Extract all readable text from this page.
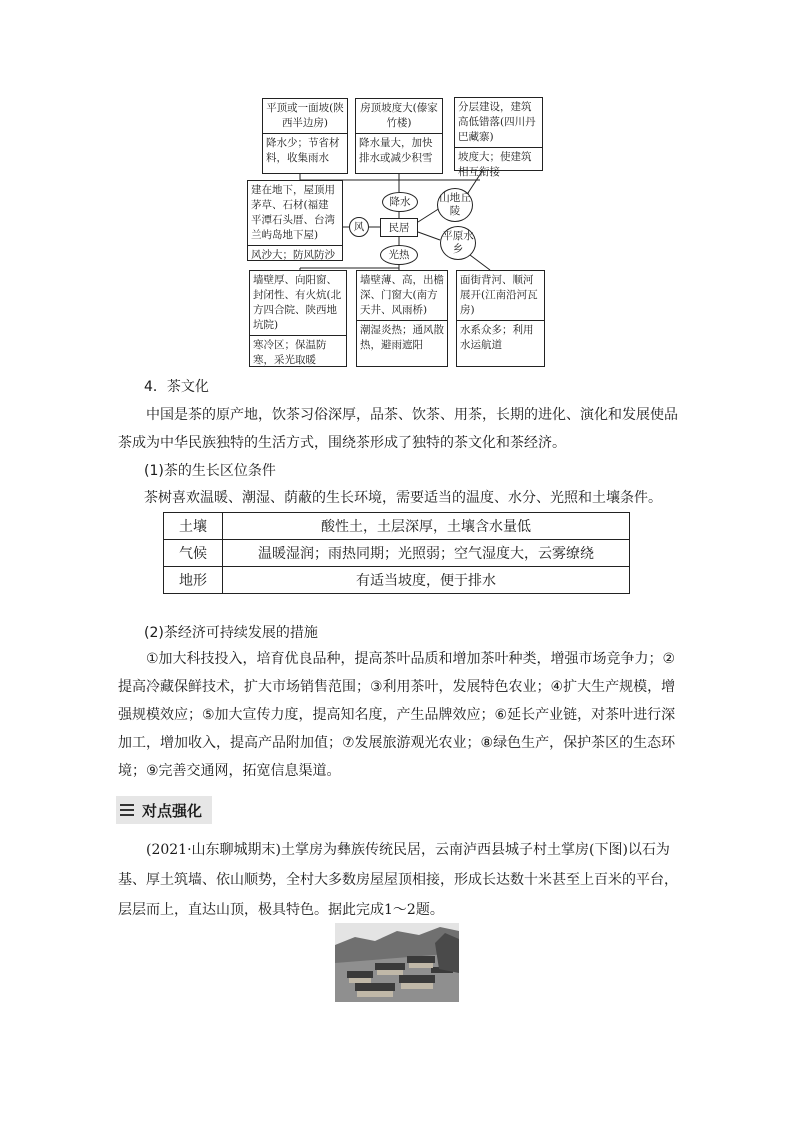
平顶或一面坡(陕西半边房)
降水少；节省材料，收集雨水
房顶坡度大(傣家竹楼)
降水量大，加快排水或减少积雪
分层建设，建筑高低错落(四川丹巴藏寨)
坡度大；使建筑相互衔接
建在地下，屋顶用茅草、石材(福建平潭石头厝、台湾兰屿岛地下屋)
风沙大；防风防沙
墙壁厚、向阳窗、封闭性、有火炕(北方四合院、陕西地坑院)
寒冷区；保温防寒，采光取暖
墙壁薄、高，出檐深、门窗大(南方天井、风雨桥)
潮湿炎热；通风散热，避雨遮阳
面街背河、顺河展开(江南沿河瓦房)
水系众多；利用水运航道
降水
风	民居
光热
山地丘陵
平原水乡
4．茶文化
中国是茶的原产地，饮茶习俗深厚，品茶、饮茶、用茶，长期的进化、演化和发展使品茶成为中华民族独特的生活方式，围绕茶形成了独特的茶文化和茶经济。
(1)茶的生长区位条件
茶树喜欢温暖、潮湿、荫蔽的生长环境，需要适当的温度、水分、光照和土壤条件。
土壤	酸性土，土层深厚，土壤含水量低
气候	温暖湿润；雨热同期；光照弱；空气湿度大，云雾缭绕
地形	有适当坡度，便于排水
(2)茶经济可持续发展的措施
①加大科技投入，培育优良品种，提高茶叶品质和增加茶叶种类，增强市场竞争力；②提高冷藏保鲜技术，扩大市场销售范围；③利用茶叶，发展特色农业；④扩大生产规模，增强规模效应；⑤加大宣传力度，提高知名度，产生品牌效应；⑥延长产业链，对茶叶进行深加工，增加收入，提高产品附加值；⑦发展旅游观光农业；⑧绿色生产，保护茶区的生态环境；⑨完善交通网，拓宽信息渠道。
对点强化
(2021·山东聊城期末)土掌房为彝族传统民居，云南泸西县城子村土掌房(下图)以石为基、厚土筑墙、依山顺势，全村大多数房屋屋顶相接，形成长达数十米甚至上百米的平台，层层而上，直达山顶，极具特色。据此完成1～2题。
